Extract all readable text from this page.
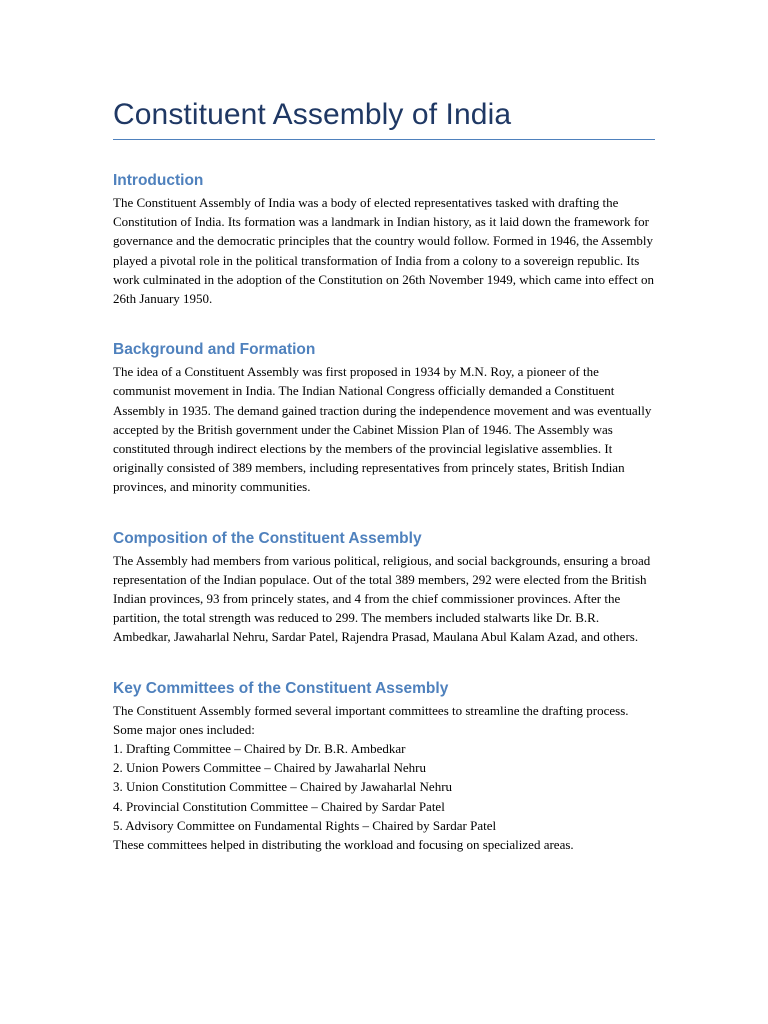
Constituent Assembly of India
Introduction

The Constituent Assembly of India was a body of elected representatives tasked with drafting the Constitution of India. Its formation was a landmark in Indian history, as it laid down the framework for governance and the democratic principles that the country would follow. Formed in 1946, the Assembly played a pivotal role in the political transformation of India from a colony to a sovereign republic. Its work culminated in the adoption of the Constitution on 26th November 1949, which came into effect on 26th January 1950.

Background and Formation

The idea of a Constituent Assembly was first proposed in 1934 by M.N. Roy, a pioneer of the communist movement in India. The Indian National Congress officially demanded a Constituent Assembly in 1935. The demand gained traction during the independence movement and was eventually accepted by the British government under the Cabinet Mission Plan of 1946. The Assembly was constituted through indirect elections by the members of the provincial legislative assemblies. It originally consisted of 389 members, including representatives from princely states, British Indian provinces, and minority communities.

Composition of the Constituent Assembly

The Assembly had members from various political, religious, and social backgrounds, ensuring a broad representation of the Indian populace. Out of the total 389 members, 292 were elected from the British Indian provinces, 93 from princely states, and 4 from the chief commissioner provinces. After the partition, the total strength was reduced to 299. The members included stalwarts like Dr. B.R. Ambedkar, Jawaharlal Nehru, Sardar Patel, Rajendra Prasad, Maulana Abul Kalam Azad, and others.

Key Committees of the Constituent Assembly

The Constituent Assembly formed several important committees to streamline the drafting process. Some major ones included:

1. Drafting Committee – Chaired by Dr. B.R. Ambedkar
2. Union Powers Committee – Chaired by Jawaharlal Nehru
3. Union Constitution Committee – Chaired by Jawaharlal Nehru
4. Provincial Constitution Committee – Chaired by Sardar Patel
5. Advisory Committee on Fundamental Rights – Chaired by Sardar Patel

These committees helped in distributing the workload and focusing on specialized areas.
